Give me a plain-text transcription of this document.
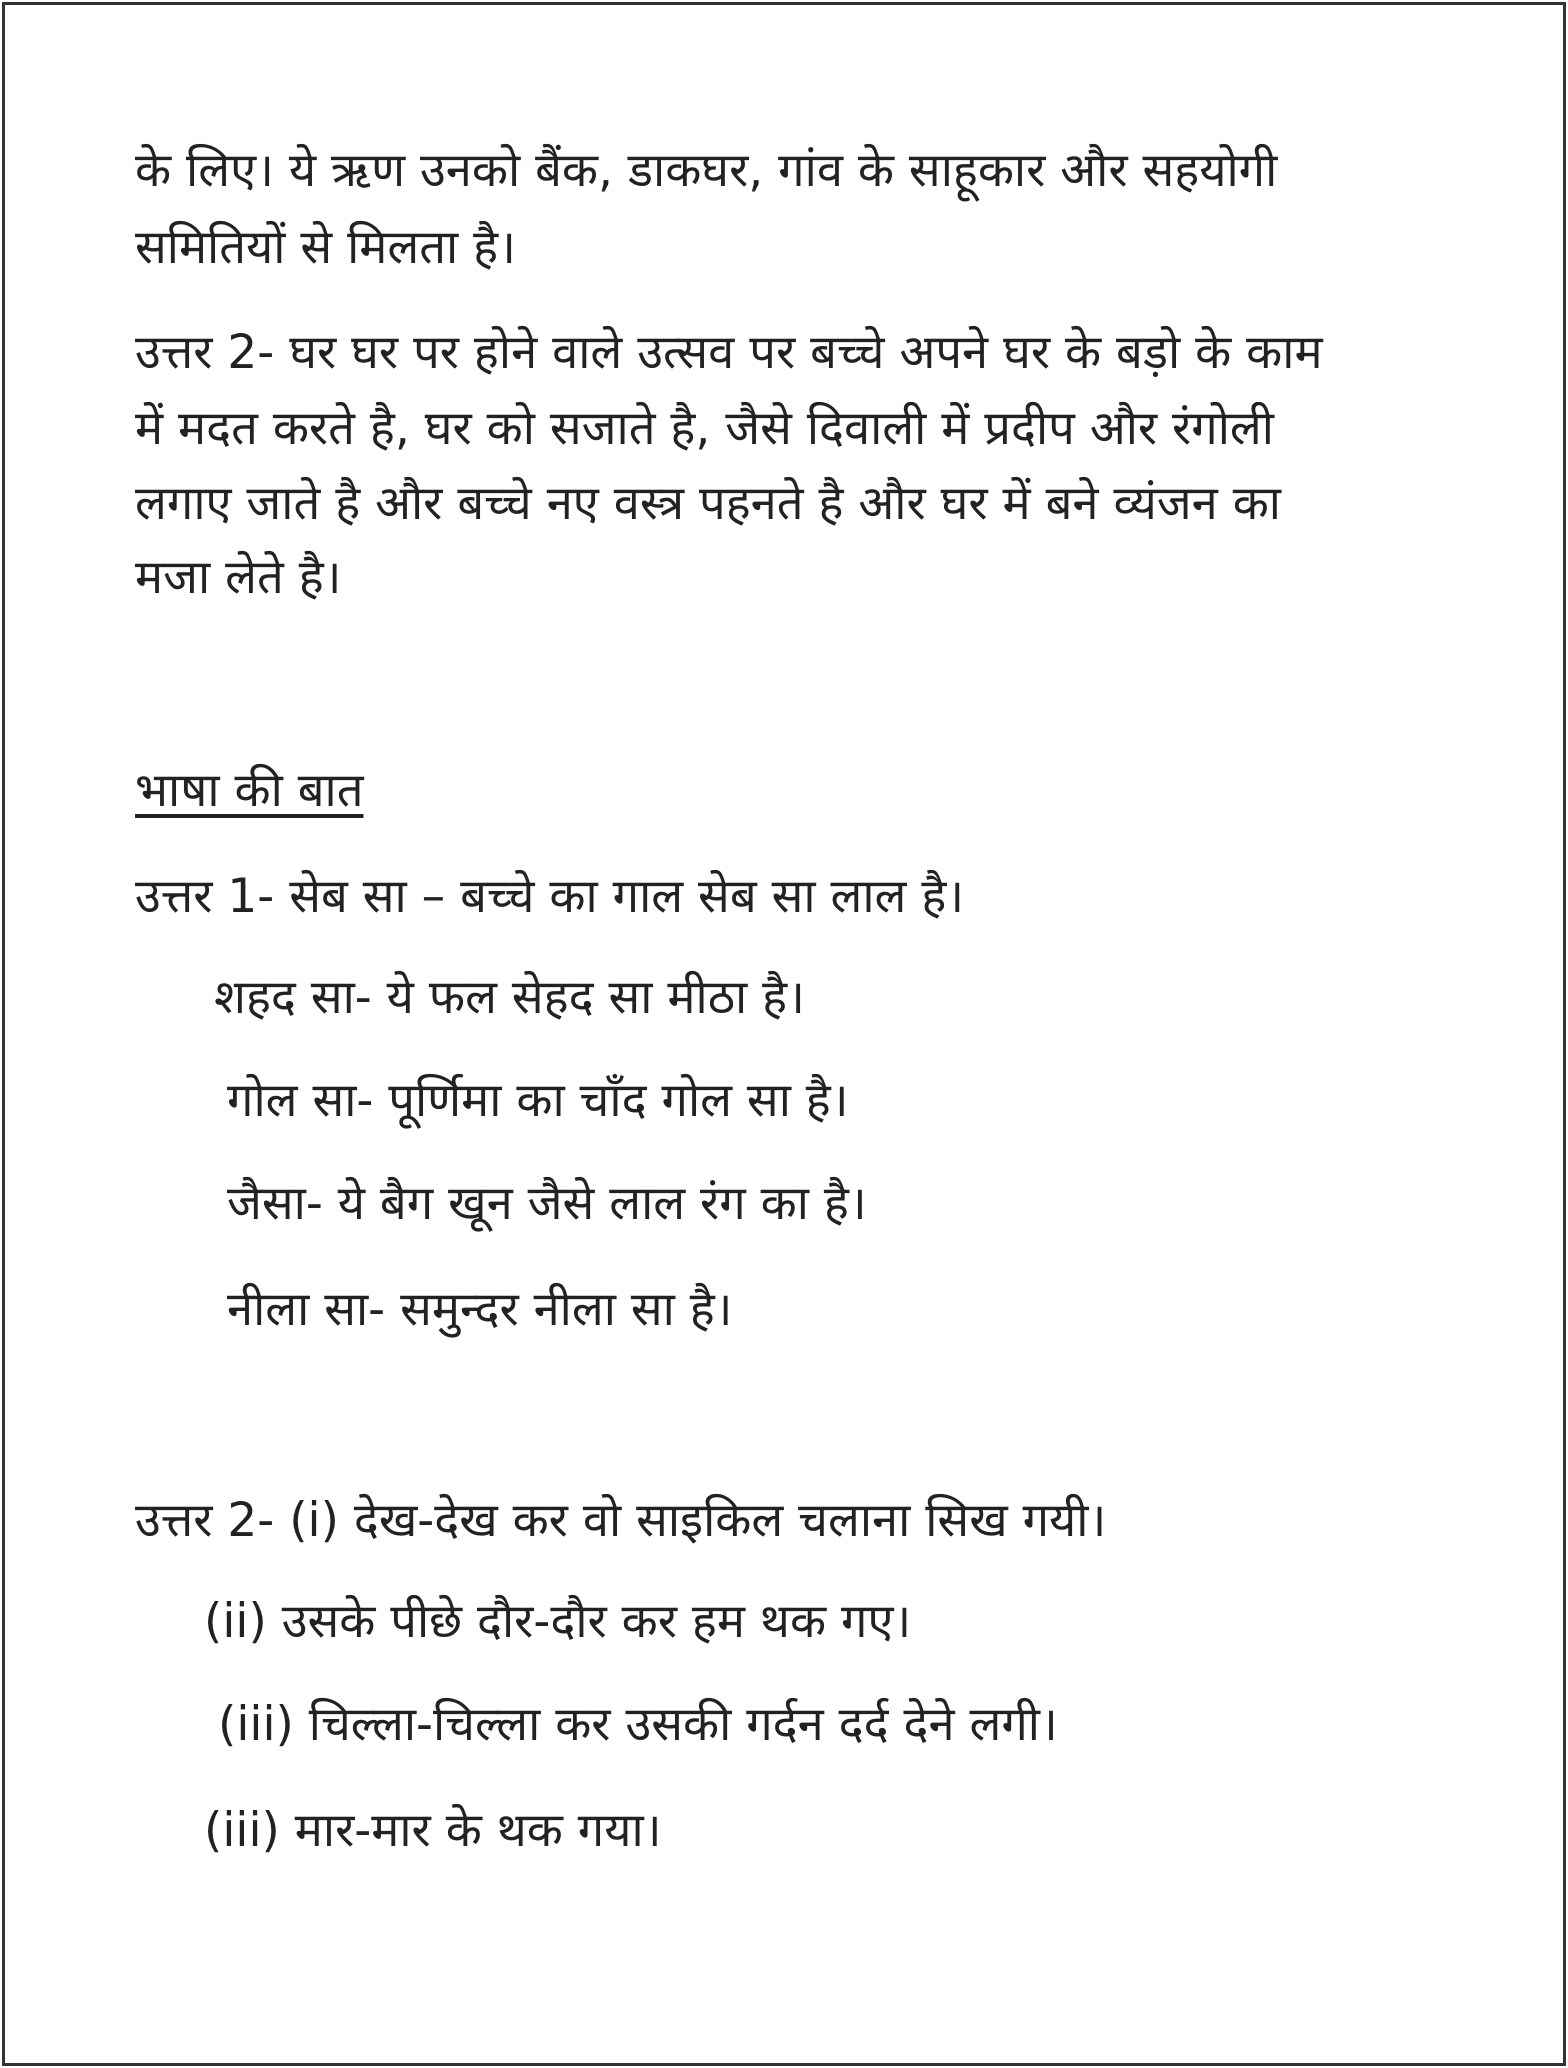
के लिए। ये ऋण उनको बैंक, डाकघर, गांव के साहूकार और सहयोगी
समितियों से मिलता है।
उत्तर 2- घर घर पर होने वाले उत्सव पर बच्चे अपने घर के बड़ो के काम
में मदत करते है, घर को सजाते है, जैसे दिवाली में प्रदीप और रंगोली
लगाए जाते है और बच्चे नए वस्त्र पहनते है और घर में बने व्यंजन का
मजा लेते है।
भाषा की बात
उत्तर 1- सेब सा – बच्चे का गाल सेब सा लाल है।
शहद सा- ये फल सेहद सा मीठा है।
गोल सा- पूर्णिमा का चाँद गोल सा है।
जैसा- ये बैग खून जैसे लाल रंग का है।
नीला सा- समुन्दर नीला सा है।
उत्तर 2- (i) देख-देख कर वो साइकिल चलाना सिख गयी।
(ii) उसके पीछे दौर-दौर कर हम थक गए।
(iii) चिल्ला-चिल्ला कर उसकी गर्दन दर्द देने लगी।
(iii) मार-मार के थक गया।
